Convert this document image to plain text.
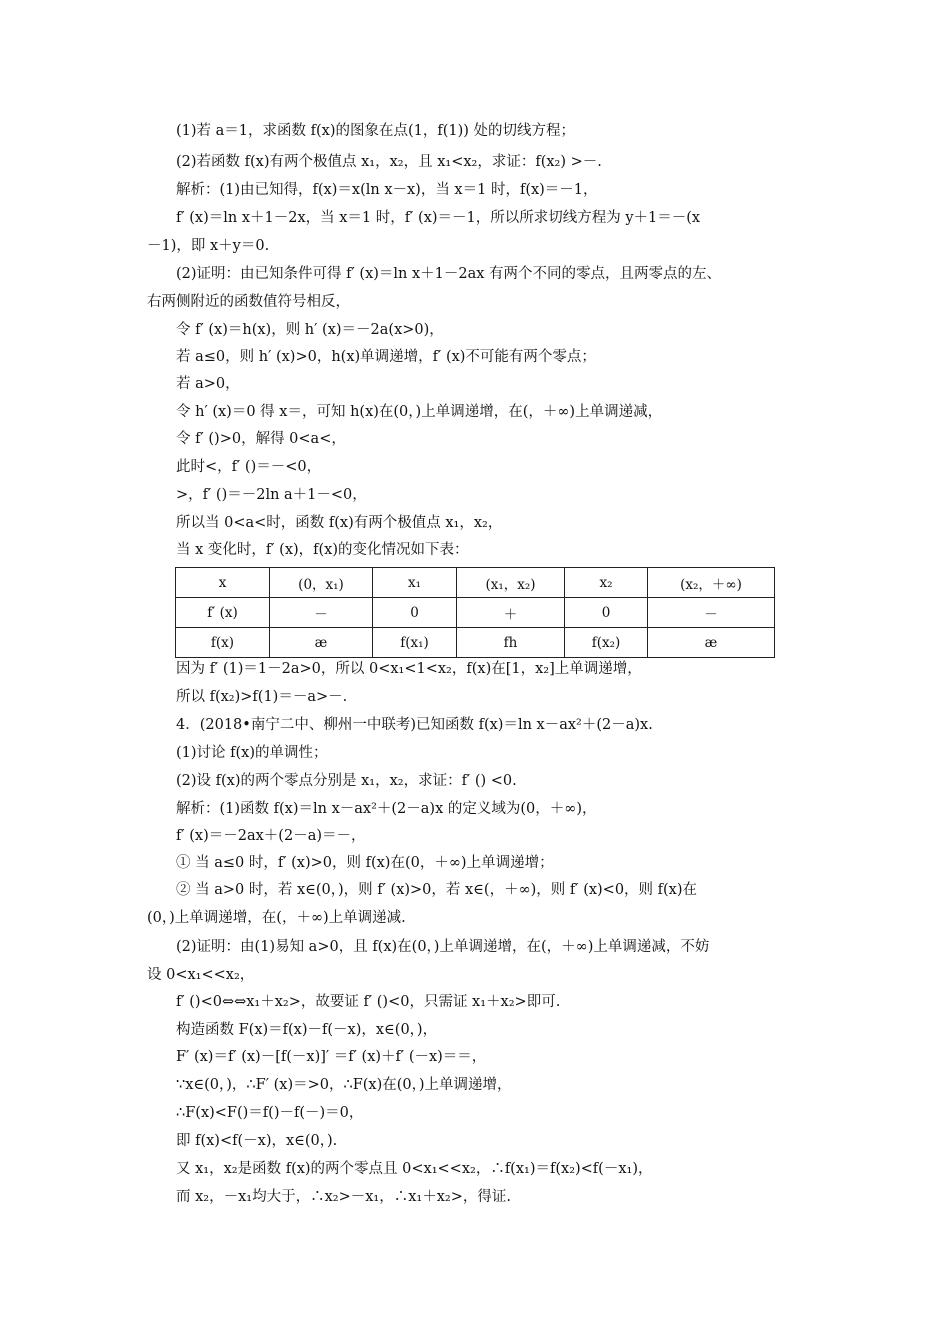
(1)若 a＝1，求函数 f(x)的图象在点(1，f(1)) 处的切线方程；
(2)若函数 f(x)有两个极值点 x₁，x₂，且 x₁<x₂，求证：f(x₂) >－.
解析：(1)由已知得，f(x)＝x(ln x－x)，当 x＝1 时，f(x)＝－1，
f′ (x)＝ln x＋1－2x，当 x＝1 时，f′ (x)＝－1，所以所求切线方程为 y＋1＝－(x
－1)，即 x＋y＝0.
(2)证明：由已知条件可得 f′ (x)＝ln x＋1－2ax 有两个不同的零点，且两零点的左、
右两侧附近的函数值符号相反，
令 f′ (x)＝h(x)，则 h′ (x)＝－2a(x>0)，
若 a≤0，则 h′ (x)>0，h(x)单调递增，f′ (x)不可能有两个零点；
若 a>0，
令 h′ (x)＝0 得 x＝，可知 h(x)在(0，)上单调递增，在(，＋∞)上单调递减，
令 f′ ()>0，解得 0<a<，
此时<，f′ ()＝－<0，
>，f′ ()＝－2ln a＋1－<0，
所以当 0<a<时，函数 f(x)有两个极值点 x₁，x₂，
当 x 变化时，f′ (x)，f(x)的变化情况如下表：
x	(0，x₁)	x₁	(x₁，x₂)	x₂	(x₂，＋∞)
f′ (x)	－	0	＋	0	－
f(x)	æ	f(x₁)	fh	f(x₂)	æ
因为 f′ (1)＝1－2a>0，所以 0<x₁<1<x₂，f(x)在[1，x₂]上单调递增，
所以 f(x₂)>f(1)＝－a>－.
4．(2018•南宁二中、柳州一中联考)已知函数 f(x)＝ln x－ax²＋(2－a)x.
(1)讨论 f(x)的单调性；
(2)设 f(x)的两个零点分别是 x₁，x₂，求证：f′ () <0.
解析：(1)函数 f(x)＝ln x－ax²＋(2－a)x 的定义域为(0，＋∞)，
f′ (x)＝－2ax＋(2－a)＝－，
① 当 a≤0 时，f′ (x)>0，则 f(x)在(0，＋∞)上单调递增；
② 当 a>0 时，若 x∈(0，)，则 f′ (x)>0，若 x∈(，＋∞)，则 f′ (x)<0，则 f(x)在
(0，)上单调递增，在(，＋∞)上单调递减.
(2)证明：由(1)易知 a>0，且 f(x)在(0，)上单调递增，在(，＋∞)上单调递减，不妨
设 0<x₁<<x₂，
f′ ()<0⇔⇔x₁＋x₂>，故要证 f′ ()<0，只需证 x₁＋x₂>即可.
构造函数 F(x)＝f(x)－f(－x)，x∈(0，)，
F′ (x)＝f′ (x)－[f(－x)]′ ＝f′ (x)＋f′ (－x)＝＝，
∵x∈(0，)，∴F′ (x)＝>0，∴F(x)在(0，)上单调递增，
∴F(x)<F()＝f()－f(－)＝0，
即 f(x)<f(－x)，x∈(0，).
又 x₁，x₂是函数 f(x)的两个零点且 0<x₁<<x₂，∴f(x₁)＝f(x₂)<f(－x₁)，
而 x₂，－x₁均大于，∴x₂>－x₁，∴x₁＋x₂>，得证.
